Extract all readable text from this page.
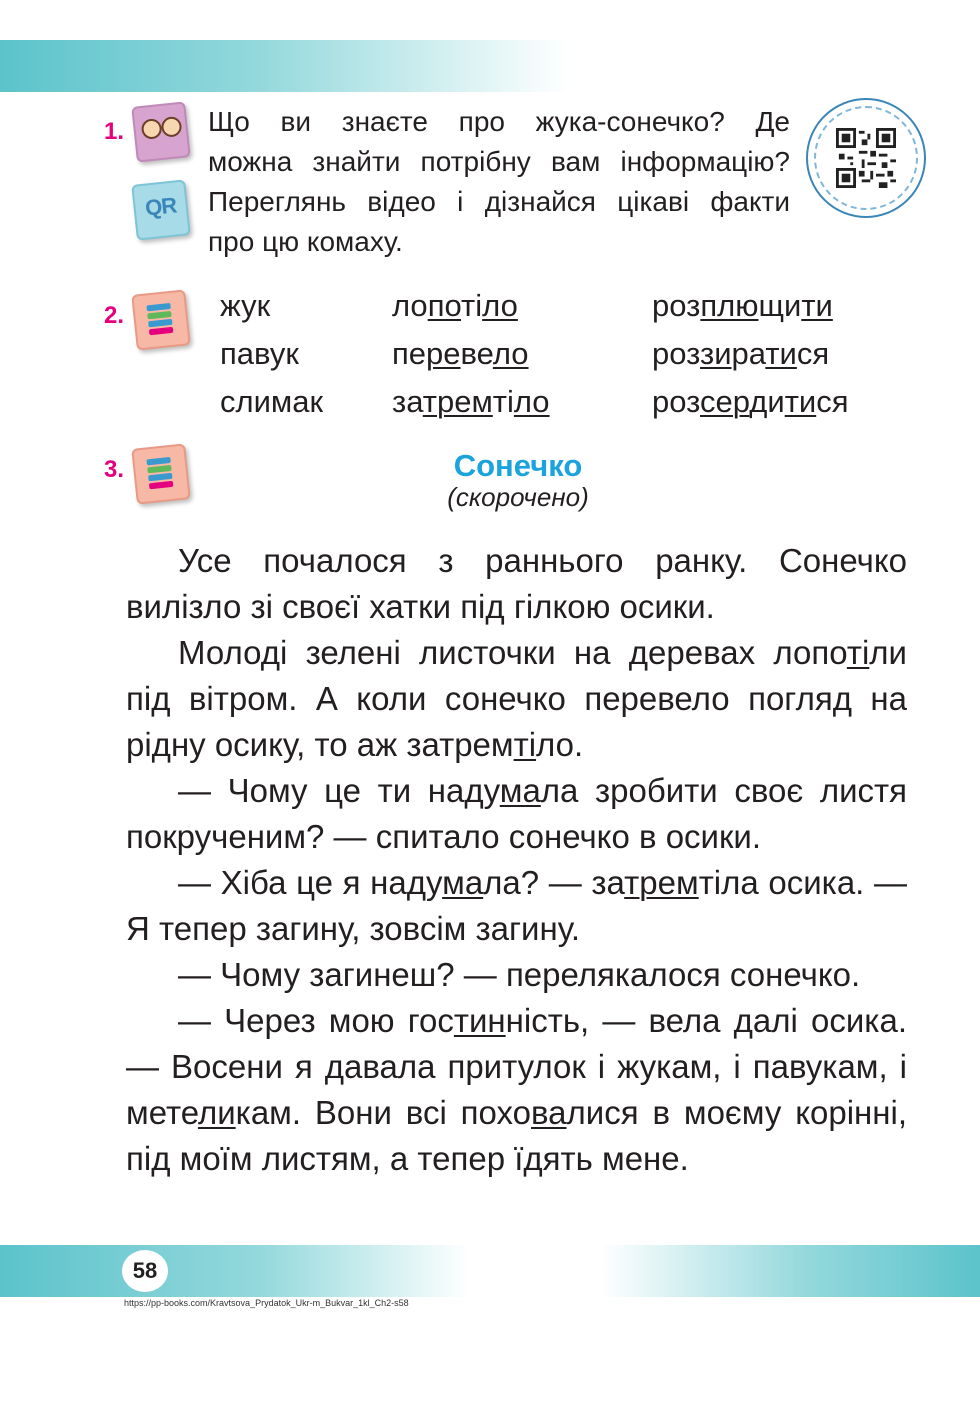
1.
QR

Що ви знаєте про жука-сонечко? Де

можна знайти потрібну вам інформацію?

Переглянь відео і дізнайся цікаві факти

про цю комаху.

2.	жук
павук
слимак
лопотіло
перевело
затремтіло
розплющити
роззиратися
розсердитися
3.	Сонечко
(скорочено)

Усе почалося з раннього ранку. Сонечко вилізло зі своєї хатки під гілкою осики.

Молоді зелені листочки на деревах лопотіли під вітром. А коли сонечко перевело погляд на рідну осику, то аж затремтіло.

— Чому це ти надумала зробити своє листя покрученим? — спитало сонечко в осики.

— Хіба це я надумала? — затремтіла осика. — Я тепер загину, зовсім загину.

— Чому загинеш? — перелякалося сонечко.

— Через мою гостинність, — вела далі осика. — Восени я давала притулок і жукам, і павукам, і метеликам. Вони всі поховалися в моєму корінні, під моїм листям, а тепер їдять мене.

58
https://pp-books.com/Kravtsova_Prydatok_Ukr-m_Bukvar_1kl_Ch2-s58
